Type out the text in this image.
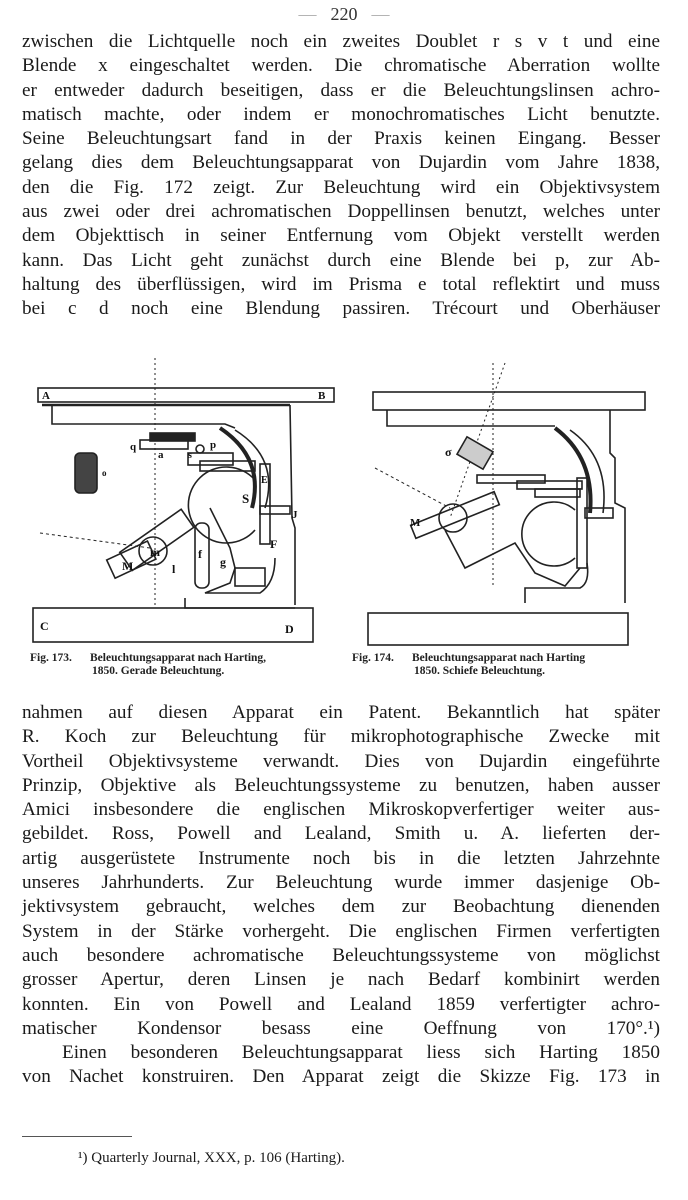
— 220 —
zwischen die Lichtquelle noch ein zweites Doublet r s v t und eine
Blende x eingeschaltet werden. Die chromatische Aberration wollte
er entweder dadurch beseitigen, dass er die Beleuchtungslinsen achro-
matisch machte, oder indem er monochromatisches Licht benutzte.
Seine Beleuchtungsart fand in der Praxis keinen Eingang. Besser
gelang dies dem Beleuchtungsapparat von Dujardin vom Jahre 1838,
den die Fig. 172 zeigt. Zur Beleuchtung wird ein Objektivsystem
aus zwei oder drei achromatischen Doppellinsen benutzt, welches unter
dem Objekttisch in seiner Entfernung vom Objekt verstellt werden
kann. Das Licht geht zunächst durch eine Blende bei p, zur Ab-
haltung des überflüssigen, wird im Prisma e total reflektirt und muss
bei c d noch eine Blendung passiren. Trécourt und Oberhäuser
A	B
C	D
q
a s
p
o
S
E
J
F
f
g
m
l
M
σ
M
Fig. 173. Beleuchtungsapparat nach Harting,
1850. Gerade Beleuchtung.
Fig. 174. Beleuchtungsapparat nach Harting
1850. Schiefe Beleuchtung.
nahmen auf diesen Apparat ein Patent. Bekanntlich hat später
R. Koch zur Beleuchtung für mikrophotographische Zwecke mit
Vortheil Objektivsysteme verwandt. Dies von Dujardin eingeführte
Prinzip, Objektive als Beleuchtungssysteme zu benutzen, haben ausser
Amici insbesondere die englischen Mikroskopverfertiger weiter aus-
gebildet. Ross, Powell and Lealand, Smith u. A. lieferten der-
artig ausgerüstete Instrumente noch bis in die letzten Jahrzehnte
unseres Jahrhunderts. Zur Beleuchtung wurde immer dasjenige Ob-
jektivsystem gebraucht, welches dem zur Beobachtung dienenden
System in der Stärke vorhergeht. Die englischen Firmen verfertigten
auch besondere achromatische Beleuchtungssysteme von möglichst
grosser Apertur, deren Linsen je nach Bedarf kombinirt werden
konnten. Ein von Powell and Lealand 1859 verfertigter achro-
matischer Kondensor besass eine Oeffnung von 170°.¹)
Einen besonderen Beleuchtungsapparat liess sich Harting 1850
von Nachet konstruiren. Den Apparat zeigt die Skizze Fig. 173 in
¹) Quarterly Journal, XXX, p. 106 (Harting).
